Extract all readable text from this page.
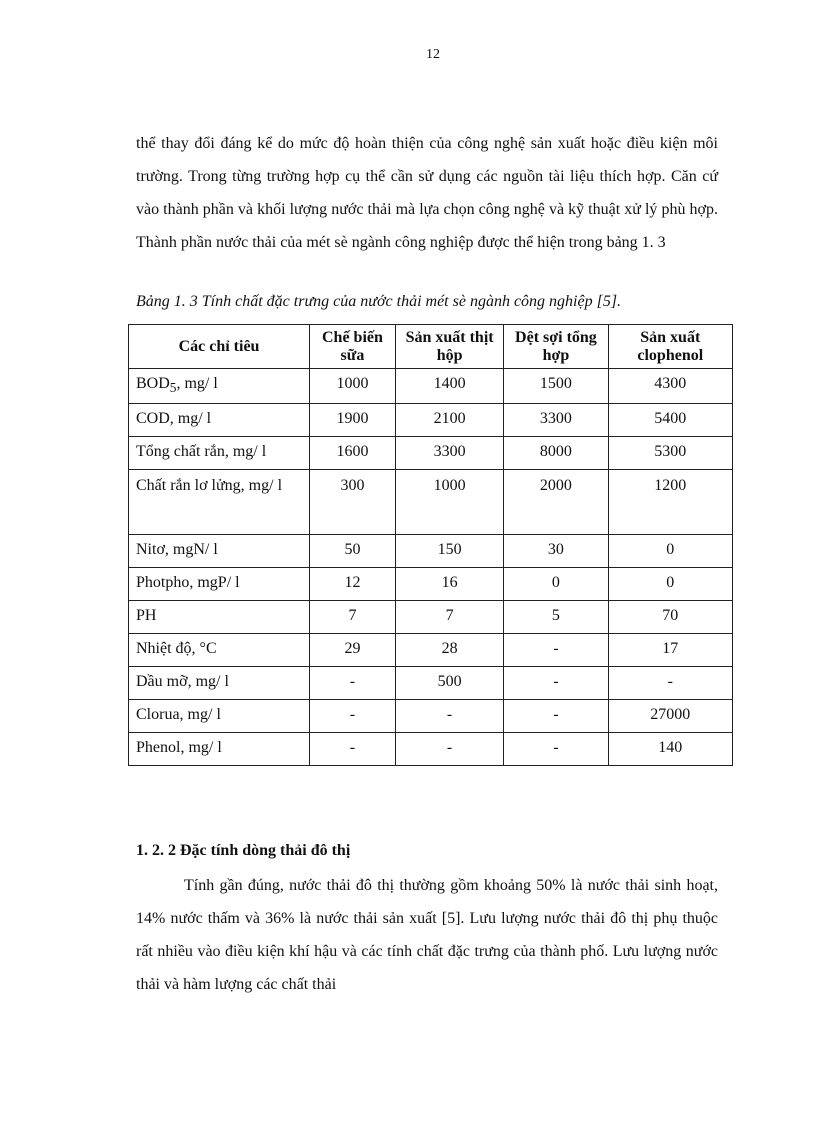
12

thể thay đổi đáng kể do mức độ hoàn thiện của công nghệ sản xuất hoặc điều kiện môi trường. Trong từng trường hợp cụ thể cần sử dụng các nguồn tài liệu thích hợp. Căn cứ vào thành phần và khối lượng nước thải mà lựa chọn công nghệ và kỹ thuật xử lý phù hợp. Thành phần nước thải của mét sè ngành công nghiệp được thể hiện trong bảng 1. 3

Bảng 1. 3 Tính chất đặc trưng của nước thải mét sè ngành công nghiệp [5].

Các chỉ tiêu	Chế biến sữa	Sản xuất thịt hộp	Dệt sợi tổng hợp	Sản xuất clophenol
$BOD_5$, mg/ l	1000	1400	1500	4300
COD, mg/ l	1900	2100	3300	5400
Tổng chất rắn, mg/ l	1600	3300	8000	5300
Chất rắn lơ lửng, mg/ l	300	1000	2000	1200
Nitơ, mgN/ l	50	150	30	0
Photpho, mgP/ l	12	16	0	0
PH	7	7	5	70
Nhiệt độ, °C	29	28	-	17
Dầu mỡ, mg/ l	-	500	-	-
Clorua, mg/ l	-	-	-	27000
Phenol, mg/ l	-	-	-	140
1. 2. 2 Đặc tính dòng thải đô thị

Tính gần đúng, nước thải đô thị thường gồm khoảng 50% là nước thải sinh hoạt, 14% nước thấm và 36% là nước thải sản xuất [5]. Lưu lượng nước thải đô thị phụ thuộc rất nhiều vào điều kiện khí hậu và các tính chất đặc trưng của thành phố. Lưu lượng nước thải và hàm lượng các chất thải
